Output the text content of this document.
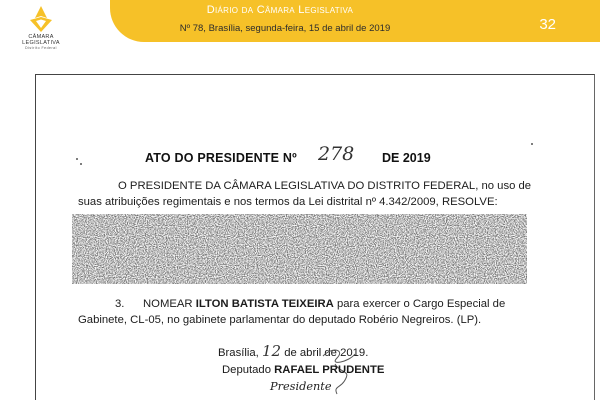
CÂMARA
LEGISLATIVA
Distrito Federal
Diário da Câmara Legislativa
Nº 78, Brasília, segunda-feira, 15 de abril de 2019	32
ATO DO PRESIDENTE Nº 278 DE 2019
O PRESIDENTE DA CÂMARA LEGISLATIVA DO DISTRITO FEDERAL, no uso de
suas atribuições regimentais e nos termos da Lei distrital nº 4.342/2009, RESOLVE:
3. NOMEAR ILTON BATISTA TEIXEIRA para exercer o Cargo Especial de
Gabinete, CL-05, no gabinete parlamentar do deputado Robério Negreiros. (LP).
Brasília, 12 de abril de 2019.
Deputado RAFAEL PRUDENTE
Presidente
